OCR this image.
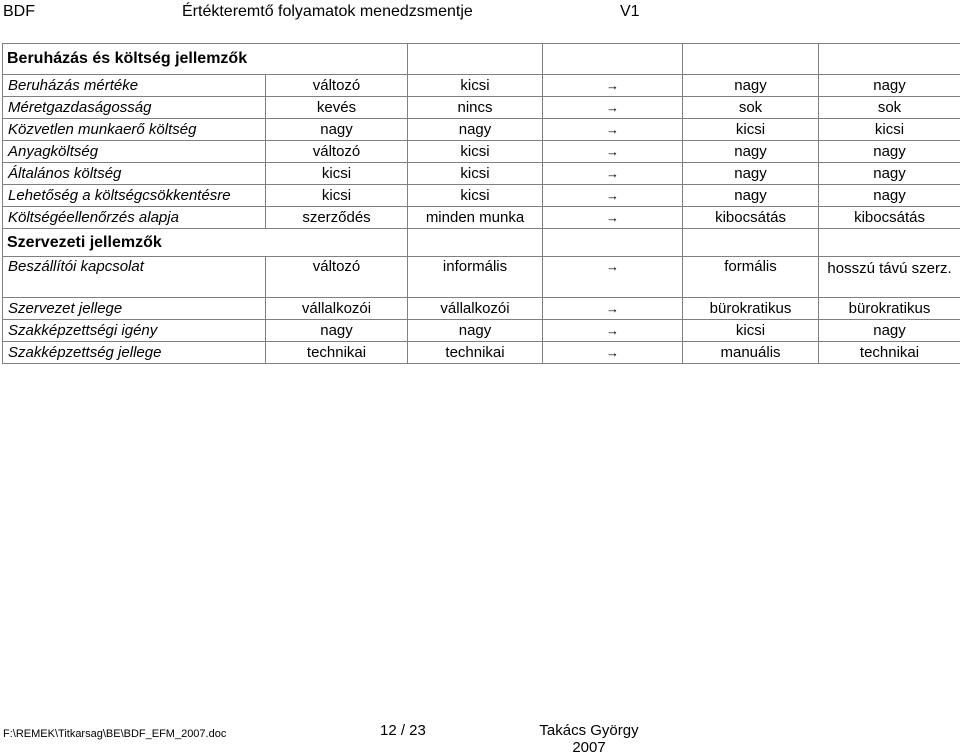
BDF	Értékteremtő folyamatok menedzsmentje	V1
Beruházás és költség jellemzők					
Beruházás mértéke	változó	kicsi	→	nagy	nagy
Méretgazdaságosság	kevés	nincs	→	sok	sok
Közvetlen munkaerő költség	nagy	nagy	→	kicsi	kicsi
Anyagköltség	változó	kicsi	→	nagy	nagy
Általános költség	kicsi	kicsi	→	nagy	nagy
Lehetőség a költségcsökkentésre	kicsi	kicsi	→	nagy	nagy
Költségéellenőrzés alapja	szerződés	minden munka	→	kibocsátás	kibocsátás
Szervezeti jellemzők					
Beszállítói kapcsolat	változó	informális	→	formális	hosszú távú szerz.
Szervezet jellege	vállalkozói	vállalkozói	→	bürokratikus	bürokratikus
Szakképzettségi igény	nagy	nagy	→	kicsi	nagy
Szakképzettség jellege	technikai	technikai	→	manuális	technikai
F:\REMEK\Titkarsag\BE\BDF_EFM_2007.doc	12 / 23	Takács György
2007
